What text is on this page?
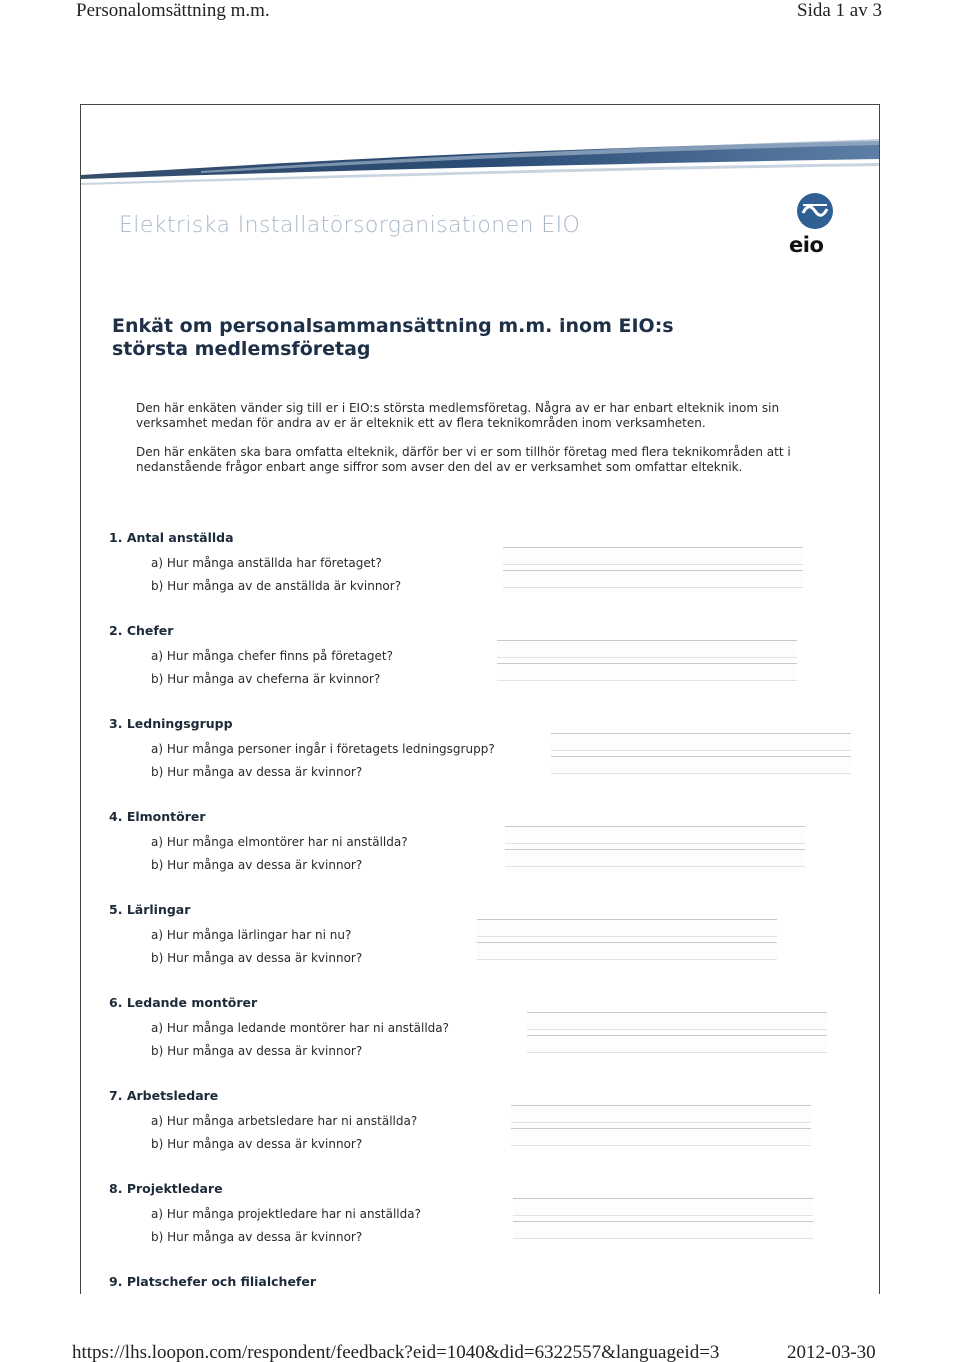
Personalomsättning m.m.	Sida 1 av 3
Elektriska Installatörsorganisationen EIO
eio
Enkät om personalsammansättning m.m. inom EIO:s största medlemsföretag

Den här enkäten vänder sig till er i EIO:s största medlemsföretag. Några av er har enbart elteknik inom sin verksamhet medan för andra av er är elteknik ett av flera teknikområden inom verksamheten.

Den här enkäten ska bara omfatta elteknik, därför ber vi er som tillhör företag med flera teknikområden att i nedanstående frågor enbart ange siffror som avser den del av er verksamhet som omfattar elteknik.

1. Antal anställda
a) Hur många anställda har företaget?
b) Hur många av de anställda är kvinnor?
2. Chefer
a) Hur många chefer finns på företaget?
b) Hur många av cheferna är kvinnor?
3. Ledningsgrupp
a) Hur många personer ingår i företagets ledningsgrupp?
b) Hur många av dessa är kvinnor?
4. Elmontörer
a) Hur många elmontörer har ni anställda?
b) Hur många av dessa är kvinnor?
5. Lärlingar
a) Hur många lärlingar har ni nu?
b) Hur många av dessa är kvinnor?
6. Ledande montörer
a) Hur många ledande montörer har ni anställda?
b) Hur många av dessa är kvinnor?
7. Arbetsledare
a) Hur många arbetsledare har ni anställda?
b) Hur många av dessa är kvinnor?
8. Projektledare
a) Hur många projektledare har ni anställda?
b) Hur många av dessa är kvinnor?
9. Platschefer och filialchefer
https://lhs.loopon.com/respondent/feedback?eid=1040&did=6322557&languageid=3	2012-03-30
